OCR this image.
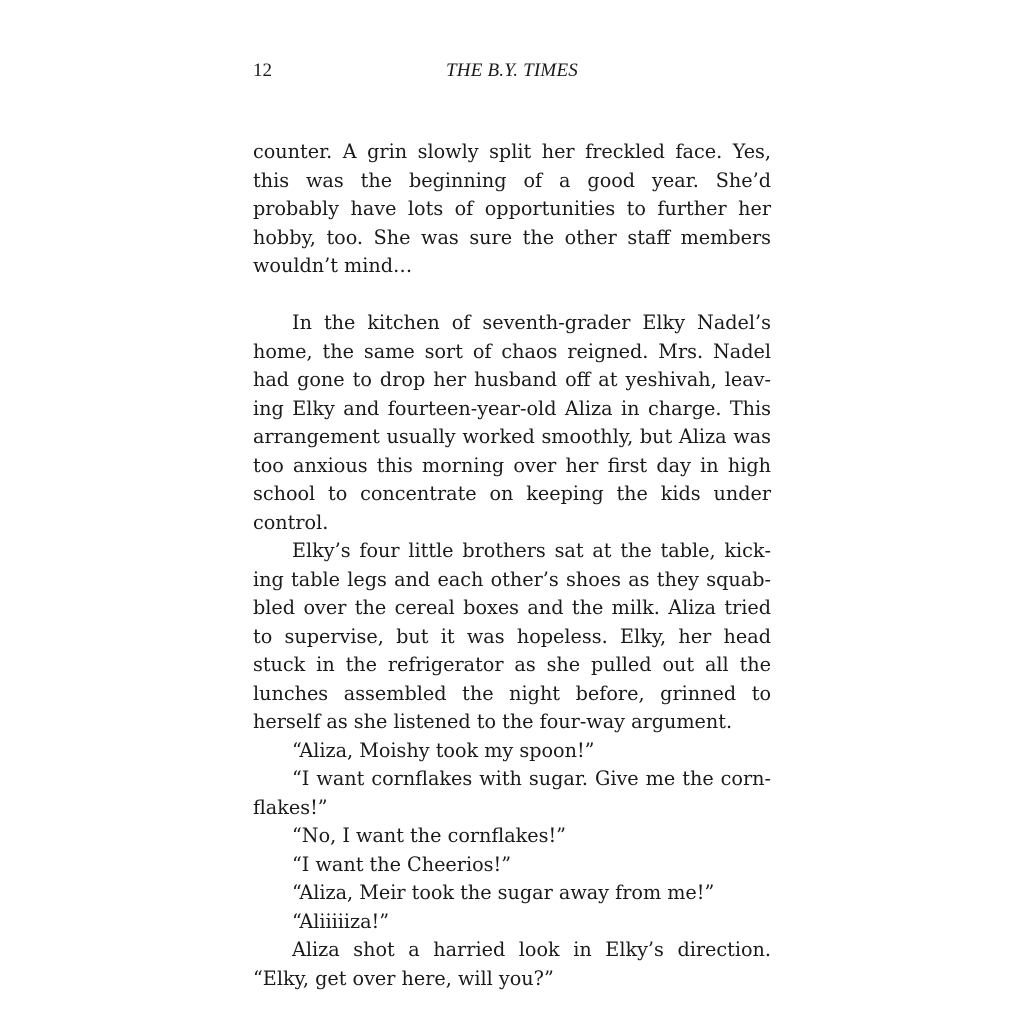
12	THE B.Y. TIMES

counter. A grin slowly split her freckled face. Yes, this was the beginning of a good year. She’d probably have lots of opportunities to further her hobby, too. She was sure the other staff members wouldn’t mind…

In the kitchen of seventh-grader Elky Nadel’s home, the same sort of chaos reigned. Mrs. Nadel had gone to drop her husband off at yeshivah, leaving Elky and fourteen-year-old Aliza in charge. This arrangement usually worked smoothly, but Aliza was too anxious this morning over her first day in high school to concentrate on keeping the kids under control.

Elky’s four little brothers sat at the table, kicking table legs and each other’s shoes as they squabbled over the cereal boxes and the milk. Aliza tried to supervise, but it was hopeless. Elky, her head stuck in the refrigerator as she pulled out all the lunches assembled the night before, grinned to herself as she listened to the four-way argument.

“Aliza, Moishy took my spoon!”

“I want cornflakes with sugar. Give me the cornflakes!”

“No, I want the cornflakes!”

“I want the Cheerios!”

“Aliza, Meir took the sugar away from me!”

“Aliiiiiza!”

Aliza shot a harried look in Elky’s direction. “Elky, get over here, will you?”
